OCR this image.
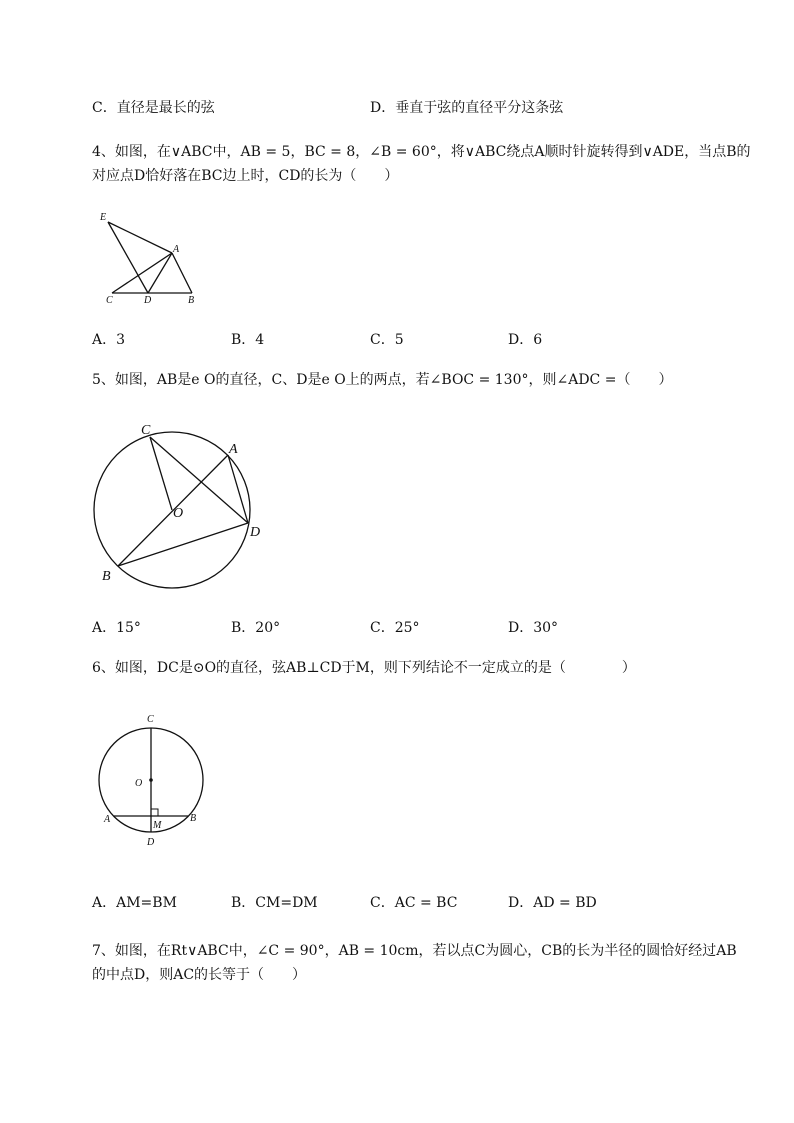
C．直径是最长的弦	D．垂直于弦的直径平分这条弦
4、如图，在∨ABC中，AB = 5，BC = 8，∠B = 60°，将∨ABC绕点A顺时针旋转得到∨ADE，当点B的
对应点D恰好落在BC边上时，CD的长为（　　）
E
A
C	D	B
A．3	B．4	C．5	D．6
5、如图，AB是e O的直径，C、D是e O上的两点，若∠BOC = 130°，则∠ADC =（　　）
C
A
O
D
B
A．15°	B．20°	C．25°	D．30°
6、如图，DC是⊙O的直径，弦AB⊥CD于M，则下列结论不一定成立的是（　　　　）
C
O
A
M
B
D
A．AM=BM	B．CM=DM	C．AC = BC	D．AD = BD
7、如图，在Rt∨ABC中，∠C = 90°，AB = 10cm，若以点C为圆心，CB的长为半径的圆恰好经过AB
的中点D，则AC的长等于（　　）
